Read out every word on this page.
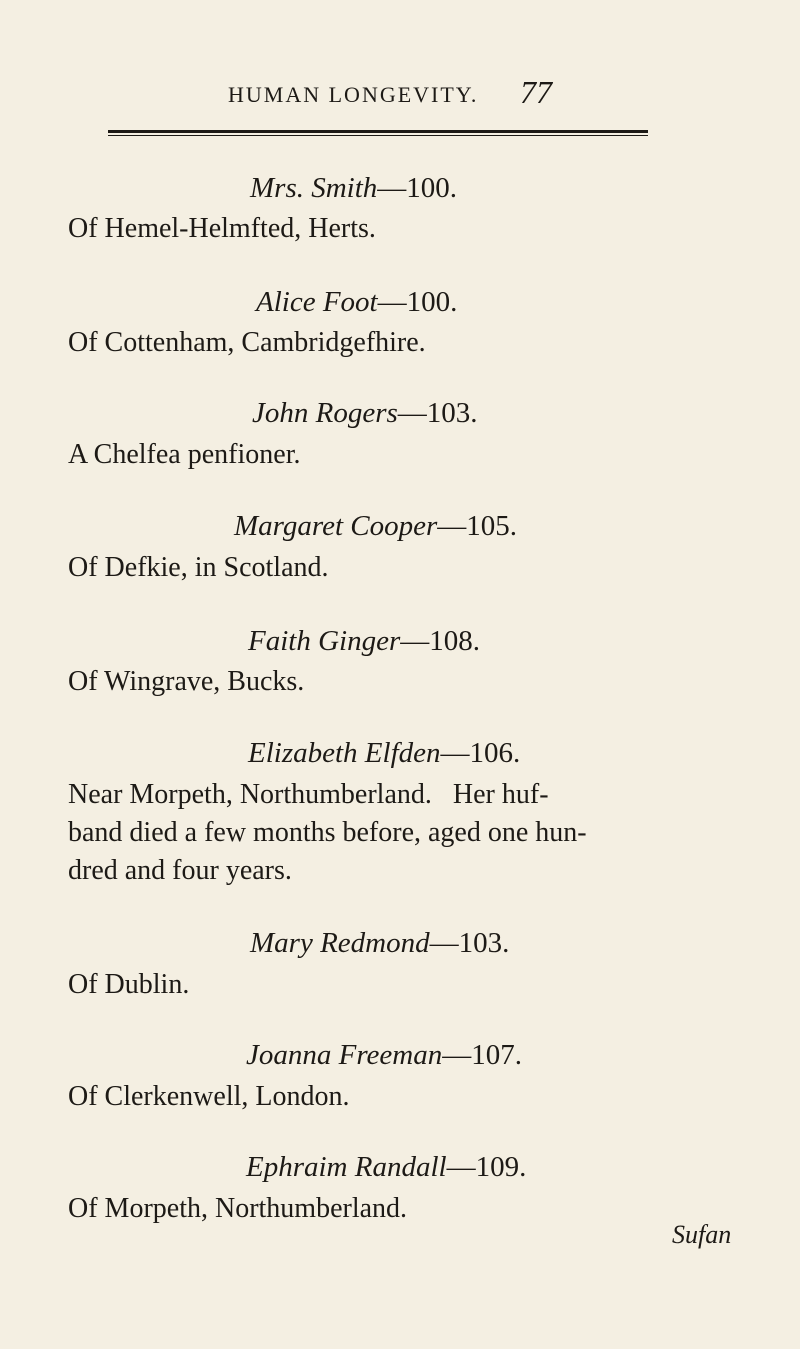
HUMAN LONGEVITY. 77
Mrs. Smith—100.
Of Hemel-Helmfted, Herts.
Alice Foot—100.
Of Cottenham, Cambridgefhire.
John Rogers—103.
A Chelfea penfioner.
Margaret Cooper—105.
Of Defkie, in Scotland.
Faith Ginger—108.
Of Wingrave, Bucks.
Elizabeth Elfden—106.
Near Morpeth, Northumberland.   Her huf-
band died a few months before, aged one hun-
dred and four years.
Mary Redmond—103.
Of Dublin.
Joanna Freeman—107.
Of Clerkenwell, London.
Ephraim Randall—109.
Of Morpeth, Northumberland.
Sufan
